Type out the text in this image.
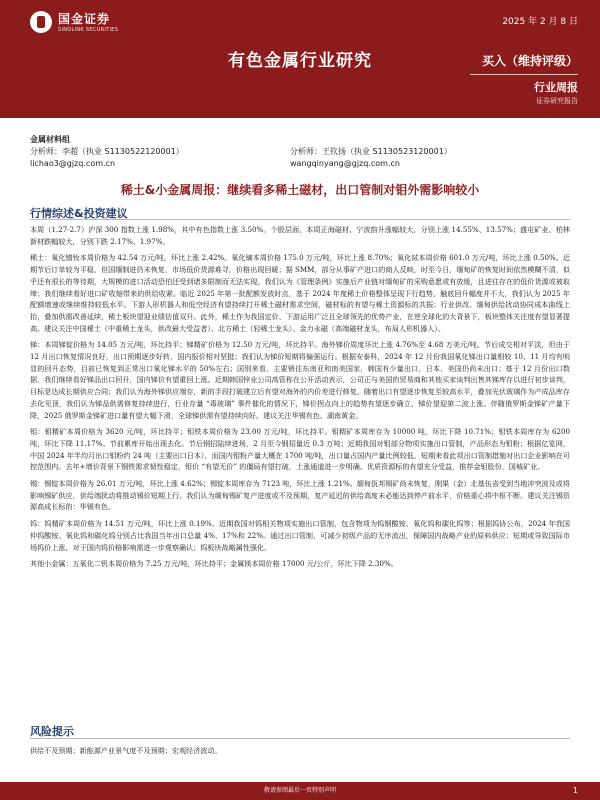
国金证券
SINOLINK SECURITIES
2025 年 2 月 8 日
有色金属行业研究	买入（维持评级）
行业周报
证券研究报告
金属材料组
分析师：李超（执业 S1130522120001）	分析师：王钦扬（执业 S1130523120001）
lichao3@gjzq.com.cn	wangqinyang@gjzq.com.cn
稀土&小金属周报：继续看多稀土磁材，出口管制对钼外需影响较小
行情综述&投资建议

本周（1.27-2.7）沪深 300 指数上涨 1.98%，其中有色指数上涨 3.50%。个股层面，本周正海磁材、宁波韵升涨幅较大，分别上涨 14.55%、13.57%；盛屯矿业、柏林新材跌幅较大，分别下跌 2.17%、1.97%。

稀土：氧化镨钕本周价格为 42.54 万元/吨，环比上涨 2.42%。氧化镝本周价格 175.0 万元/吨，环比上涨 8.70%；氧化铽本周价格 601.0 万元/吨，环比上涨 0.50%。近期节后订单较为平稳，但国缅制进仍未恢复，市场低价货源难寻，价格出现回暖；据 SMM，部分从事矿产进口的商人反映，时至今日，缅甸矿的恢复时间依然模糊不清，似乎还有很长的等待期，大规模的进口活动恐怕还受到诸多限制而无法实现。我们认为《管理条例》实施后产业链对缅甸矿的采购意愿或有放缓，且进往存在的低价货源或被取缔；我们继续看好进口矿收缩带来的供给收紧。临近 2025 年第一批配额发放时点，基于 2024 年度稀土价格整体呈现下行趋势，触底回升幅度并不大，我们认为 2025 年配额增速或继续维持较低水平。下游人形机器人和低空经济有望持续打开稀土磁材需求空间，磁材标的有望与稀土资源标的共振；行业供改、缅甸供给扰动协同成本曲线上抬，叠加供需改善延续，稀土板块望迎业绩估值双升。此外，稀土作为我国定价、下游运用广泛且全球领先的优势产业，在逆全球化的大背景下，板块整体关注度有望显著提高。建议关注中国稀土（中重稀土龙头，供改最大受益者）、北方稀土（轻稀土龙头）、金力永磁（高端磁材龙头，布局人形机器人）。

锑：本周锑锭价格为 14.05 万元/吨，环比持平；锑精矿价格为 12.50 万元/吨，环比持平。海外锑价周度环比上涨 4.76%至 4.68 万美元/吨。节后成交相对平淡，但由于 12 月出口恢复情况良好，出口预期逐步好转，国内报价相对坚挺；我们认为锑价短期将偏强运行。根据安泰科，2024 年 12 月份我国氧化锑出口量相较 10、11 月均有明显的回升态势，目前已恢复到正常出口氧化锑水平的 50%左右；国别来看，主要销往东南亚和南美国家，韩国有少量出口，日本、美国仍尚未出口；基于 12 月份出口数据，我们继续看好锑品出口回升，国内锑价有望重回上涨。近期韩国锌业公司高管称在公开活动表示，公司正与美国的贸易商和其他买家谈判出售其锑库存以进行初步谈判，目标是达成长期供应合同；我们认为海外锑供应端存，新的手段打破建立后有望对海外的内价差进行修复。随着出口有望逐步恢复至较高水平，叠加光伏玻璃作为产成品库存去化见顶，我们认为锑品供需修复持续进行，行业存量 “毒玻璃” 事件催化的情况下，锑价拐点向上的趋势有望逐步确立，锑价望迎第二波上涨。伴随俄罗斯金锑矿产量下降，2025 俄罗斯金锑矿进口量有望大幅下滑，全球锑供需有望持续向好。建议关注华锡有色、湖南黄金。

钼：钼精矿本周价格为 3620 元/吨，环比持平；钼铁本周价格为 23.00 万元/吨，环比持平。钼精矿本周库存为 10000 吨，环比下降 10.71%；钼铁本周库存为 6200 吨，环比下降 11.17%。节前累库开始出现去化。节后钢招陆续进场，2 月至今钢招量近 0.3 万吨；近期我国对钼部分物项实施出口管制，产品形态为钼粉；根据亿览网，中国 2024 年半均月出口钼粉约 24 吨（主要出口日本），而国内钼粉产量大概在 1700 吨/吨，出口量占国内产量比例较低，短期来看此项出口管制措施对出口企业影响在可控范围内。去年+增价背景下钢铁需求韧性稳定，钼价 “有望无价” 的僵局有望打破，上涨通道进一步明确。优质资源标的有望充分受益，推荐金钼股份，国城矿业。

锡：锡锭本周价格为 26.01 万元/吨，环比上涨 4.62%；锡锭本周库存为 7123 吨，环比上涨 1.21%。缅甸佤邦锡矿尚未恢复，刚果（金）北基伍省受到当地冲突波及或将影响锡矿供应，供给端扰动将推动锡价短期上行。我们认为缅甸锡矿复产进度或不及预期，复产延迟的供给高度未必能达到停产前水平，价格重心将中枢不断。建议关注锡资源高成长标的：华锡有色。

钨：钨精矿本周价格为 14.51 万元/吨，环比上涨 0.19%。近期我国对钨相关物项实施出口管制，包含物项为钨钢酸铵、氧化钨和碳化钨等；根据钨协公布，2024 年我国仲钨酸铵、氧化钨和碳化钨分别占比我国当年出口总量 4%、17%和 22%。通过出口管制，可减少初级产品的无序流出，保障国内战略产业的原料供应；短期或导致国际市场钨价上涨，对于国内钨价格影响需进一步观察确认；钨板块战略属性强化。

其他小金属：五氧化二钒本周价格为 7.25 万元/吨，环比持平；金属镁本周价格 17000 元/公斤，环比下降 2.30%。

风险提示
供给不及预期；新能源产业景气度不及预期；宏观经济波动。
敬请参阅最后一页特别声明	1
